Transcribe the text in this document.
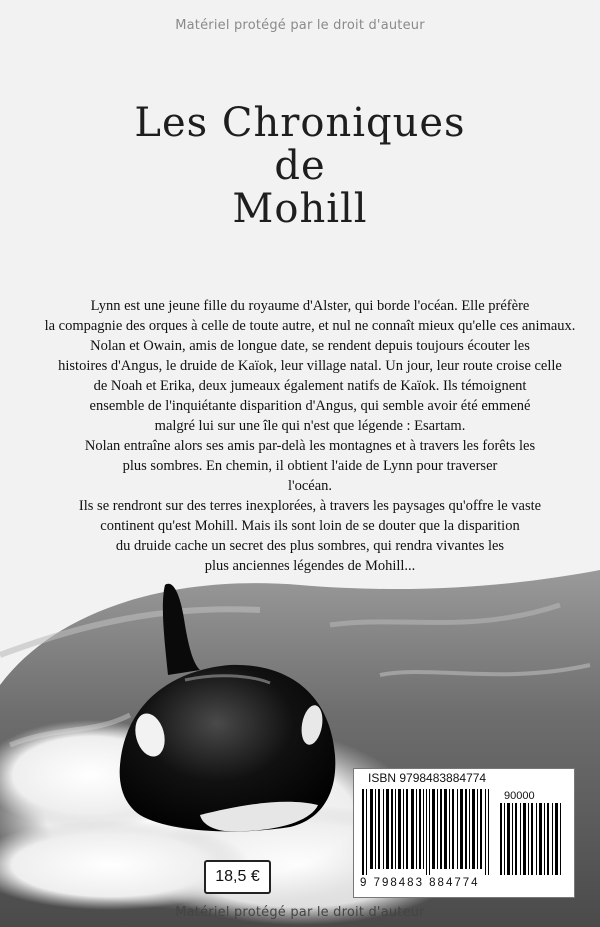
Matériel protégé par le droit d'auteur
Les Chroniques
de
Mohill
Lynn est une jeune fille du royaume d'Alster, qui borde l'océan. Elle préfère
la compagnie des orques à celle de toute autre, et nul ne connaît mieux qu'elle ces animaux.
Nolan et Owain, amis de longue date, se rendent depuis toujours écouter les
histoires d'Angus, le druide de Kaïok, leur village natal. Un jour, leur route croise celle
de Noah et Erika, deux jumeaux également natifs de Kaïok. Ils témoignent
ensemble de l'inquiétante disparition d'Angus, qui semble avoir été emmené
malgré lui sur une île qui n'est que légende : Esartam.
Nolan entraîne alors ses amis par-delà les montagnes et à travers les forêts les
plus sombres. En chemin, il obtient l'aide de Lynn pour traverser
l'océan.
Ils se rendront sur des terres inexplorées, à travers les paysages qu'offre le vaste
continent qu'est Mohill. Mais ils sont loin de se douter que la disparition
du druide cache un secret des plus sombres, qui rendra vivantes les
plus anciennes légendes de Mohill...
ISBN 9798483884774
90000
9 798483 884774
18,5 €
Matériel protégé par le droit d'auteur
